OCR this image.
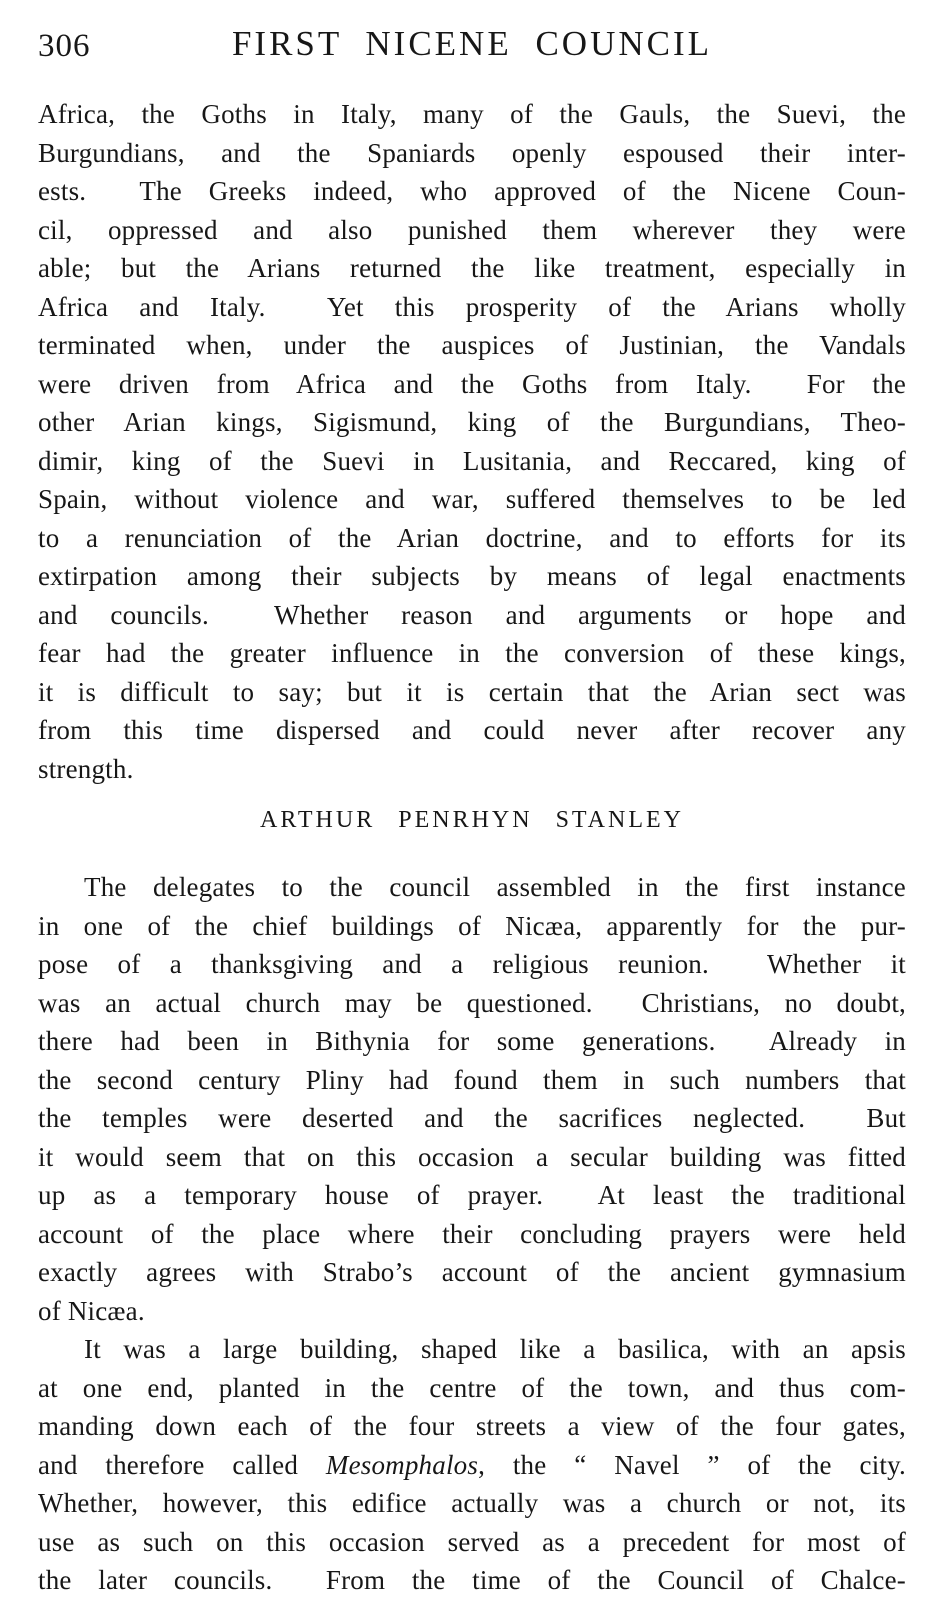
306	FIRST NICENE COUNCIL
Africa, the Goths in Italy, many of the Gauls, the Suevi, the
Burgundians, and the Spaniards openly espoused their inter-
ests.  The Greeks indeed, who approved of the Nicene Coun-
cil, oppressed and also punished them wherever they were
able; but the Arians returned the like treatment, especially in
Africa and Italy.  Yet this prosperity of the Arians wholly
terminated when, under the auspices of Justinian, the Vandals
were driven from Africa and the Goths from Italy.  For the
other Arian kings, Sigismund, king of the Burgundians, Theo-
dimir, king of the Suevi in Lusitania, and Reccared, king of
Spain, without violence and war, suffered themselves to be led
to a renunciation of the Arian doctrine, and to efforts for its
extirpation among their subjects by means of legal enactments
and councils.  Whether reason and arguments or hope and
fear had the greater influence in the conversion of these kings,
it is difficult to say; but it is certain that the Arian sect was
from this time dispersed and could never after recover any
strength.
ARTHUR PENRHYN STANLEY
The delegates to the council assembled in the first instance
in one of the chief buildings of Nicæa, apparently for the pur-
pose of a thanksgiving and a religious reunion.  Whether it
was an actual church may be questioned.  Christians, no doubt,
there had been in Bithynia for some generations.  Already in
the second century Pliny had found them in such numbers that
the temples were deserted and the sacrifices neglected.  But
it would seem that on this occasion a secular building was fitted
up as a temporary house of prayer.  At least the traditional
account of the place where their concluding prayers were held
exactly agrees with Strabo’s account of the ancient gymnasium
of Nicæa.
It was a large building, shaped like a basilica, with an apsis
at one end, planted in the centre of the town, and thus com-
manding down each of the four streets a view of the four gates,
and therefore called Mesomphalos, the “ Navel ” of the city.
Whether, however, this edifice actually was a church or not, its
use as such on this occasion served as a precedent for most of
the later councils.  From the time of the Council of Chalce-
